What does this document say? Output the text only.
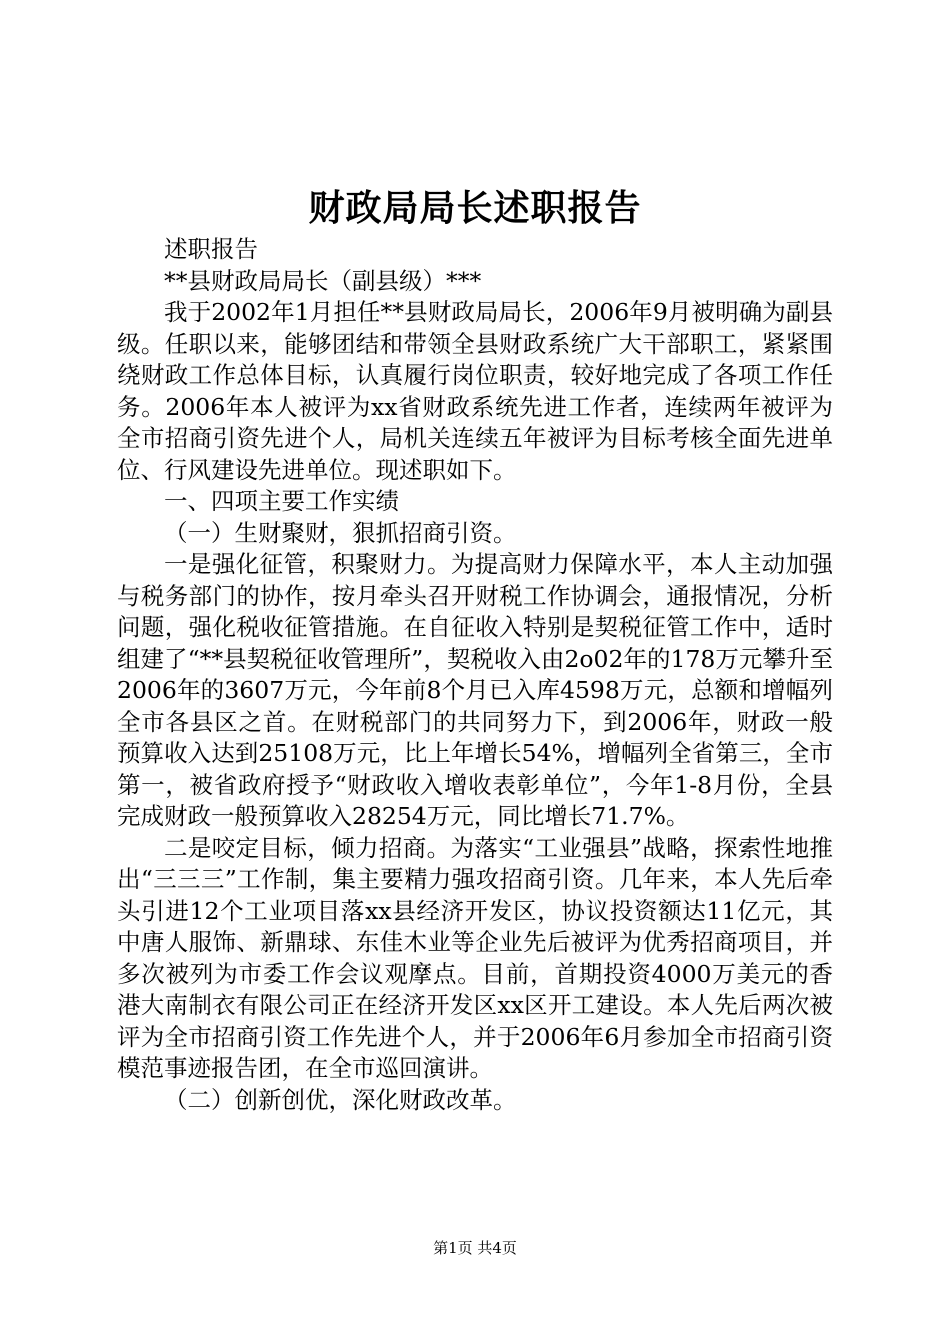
财政局局长述职报告

述职报告

**县财政局局长（副县级）***

我于2002年1月担任**县财政局局长，2006年9月被明确为副县级。任职以来，能够团结和带领全县财政系统广大干部职工，紧紧围绕财政工作总体目标，认真履行岗位职责，较好地完成了各项工作任务。2006年本人被评为xx省财政系统先进工作者，连续两年被评为全市招商引资先进个人，局机关连续五年被评为目标考核全面先进单位、行风建设先进单位。现述职如下。

一、四项主要工作实绩

（一）生财聚财，狠抓招商引资。

一是强化征管，积聚财力。为提高财力保障水平，本人主动加强与税务部门的协作，按月牵头召开财税工作协调会，通报情况，分析问题，强化税收征管措施。在自征收入特别是契税征管工作中，适时组建了“**县契税征收管理所”，契税收入由2o02年的178万元攀升至2006年的3607万元，今年前8个月已入库4598万元，总额和增幅列全市各县区之首。在财税部门的共同努力下，到2006年，财政一般预算收入达到25108万元，比上年增长54%，增幅列全省第三，全市第一，被省政府授予“财政收入增收表彰单位”，今年1-8月份，全县完成财政一般预算收入28254万元，同比增长71.7%。

二是咬定目标，倾力招商。为落实“工业强县”战略，探索性地推出“三三三”工作制，集主要精力强攻招商引资。几年来，本人先后牵头引进12个工业项目落xx县经济开发区，协议投资额达11亿元，其中唐人服饰、新鼎球、东佳木业等企业先后被评为优秀招商项目，并多次被列为市委工作会议观摩点。目前，首期投资4000万美元的香港大南制衣有限公司正在经济开发区xx区开工建设。本人先后两次被评为全市招商引资工作先进个人，并于2006年6月参加全市招商引资模范事迹报告团，在全市巡回演讲。

（二）创新创优，深化财政改革。

第1页 共4页
